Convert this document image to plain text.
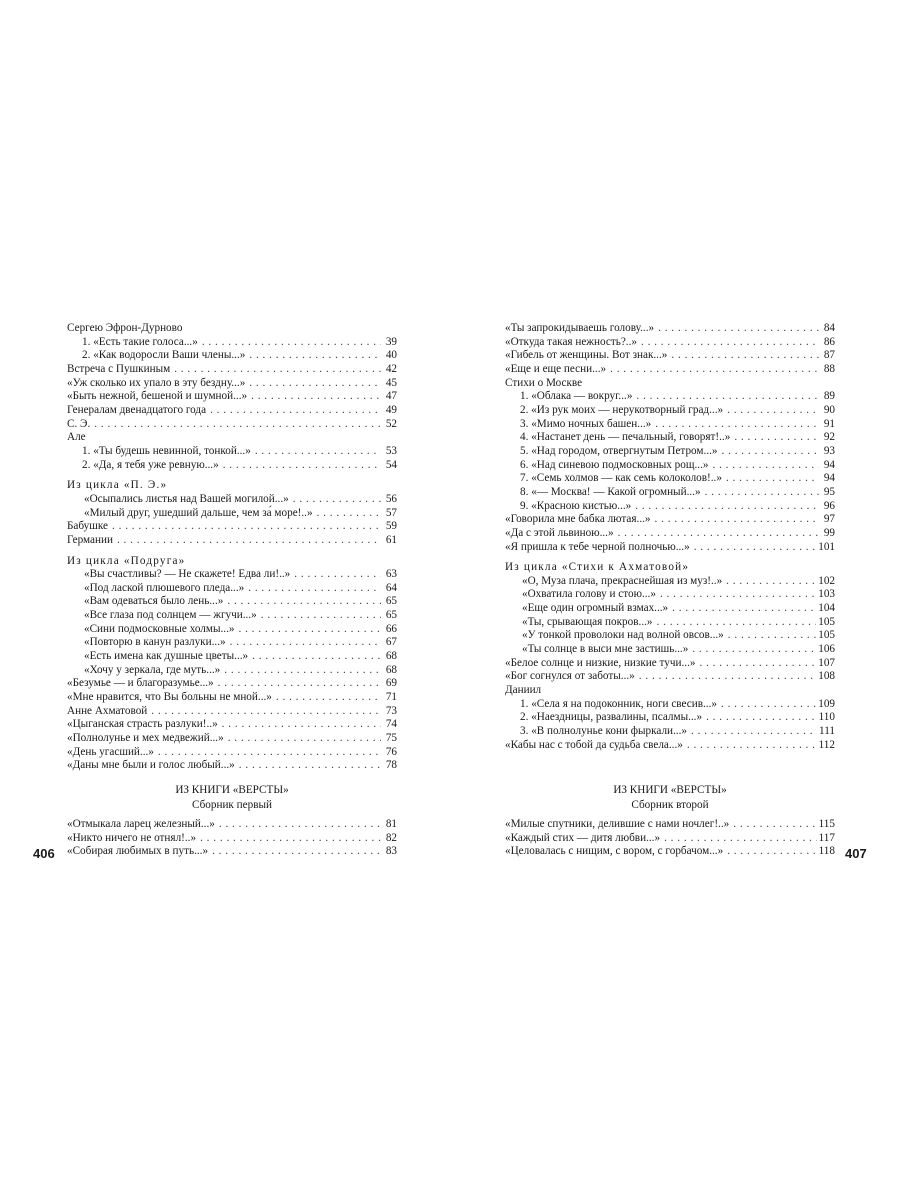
Сергею Эфрон-Дурново
1. «Есть такие голоса...» . . .	39
2. «Как водоросли Ваши члены...» . . .	40
Встреча с Пушкиным . . .	42
«Уж сколько их упало в эту бездну...» . . .	45
«Быть нежной, бешеной и шумной...» . . .	47
Генералам двенадцатого года . . .	49
С. Э. . . .	52
Але
1. «Ты будешь невинной, тонкой...» . . .	53
2. «Да, я тебя уже ревную...» . . .	54
Из цикла «П. Э.»
«Осыпались листья над Вашей могилой...» . . .	56
«Милый друг, ушедший дальше, чем за́ море!..» . . .	57
Бабушке . . .	59
Германии . . .	61
Из цикла «Подруга»
«Вы счастливы? — Не скажете! Едва ли!..» . . .	63
«Под лаской плюшевого пледа...» . . .	64
«Вам одеваться было лень...» . . .	65
«Все глаза под солнцем — жгучи...» . . .	65
«Сини подмосковные холмы...» . . .	66
«Повторю в канун разлуки...» . . .	67
«Есть имена как душные цветы...» . . .	68
«Хочу у зеркала, где муть...» . . .	68
«Безумье — и благоразумье...» . . .	69
«Мне нравится, что Вы больны не мной...» . . .	71
Анне Ахматовой . . .	73
«Цыганская страсть разлуки!..» . . .	74
«Полнолунье и мех медвежий...» . . .	75
«День угасший...» . . .	76
«Даны мне были и голос любый...» . . .	78
«Ты запрокидываешь голову...» . . .	84
«Откуда такая нежность?..» . . .	86
«Гибель от женщины. Вот знак...» . . .	87
«Еще и еще песни...» . . .	88
Стихи о Москве
1. «Облака — вокруг...» . . .	89
2. «Из рук моих — нерукотворный град...» . . .	90
3. «Мимо ночных башен...» . . .	91
4. «Настанет день — печальный, говорят!..» . . .	92
5. «Над городом, отвергнутым Петром...» . . .	93
6. «Над синевою подмосковных рощ...» . . .	94
7. «Семь холмов — как семь колоколов!..» . . .	94
8. «— Москва! — Какой огромный...» . . .	95
9. «Красною кистью...» . . .	96
«Говорила мне бабка лютая...» . . .	97
«Да с этой львиною...» . . .	99
«Я пришла к тебе черной полночью...» . . .	101
Из цикла «Стихи к Ахматовой»
«О, Муза плача, прекраснейшая из муз!..» . . .	102
«Охватила голову и стою...» . . .	103
«Еще один огромный взмах...» . . .	104
«Ты, срывающая покров...» . . .	105
«У тонкой проволоки над волной овсов...» . . .	105
«Ты солнце в выси мне застишь...» . . .	106
«Белое солнце и низкие, низкие тучи...» . . .	107
«Бог согнулся от заботы...» . . .	108
Даниил
1. «Села я на подоконник, ноги свесив...» . . .	109
2. «Наездницы, развалины, псалмы...» . . .	110
3. «В полнолунье кони фыркали...» . . .	111
«Кабы нас с тобой да судьба свела...» . . .	112
ИЗ КНИГИ «ВЕРСТЫ»
Сборник первый
ИЗ КНИГИ «ВЕРСТЫ»
Сборник второй
«Отмыкала ларец железный...» . . .	81
«Никто ничего не отнял!..» . . .	82
«Собирая любимых в путь...» . . .	83
«Милые спутники, делившие с нами ночлег!..» . . .	115
«Каждый стих — дитя любви...» . . .	117
«Целовалась с нищим, с вором, с горбачом...» . . .	118
406	407
